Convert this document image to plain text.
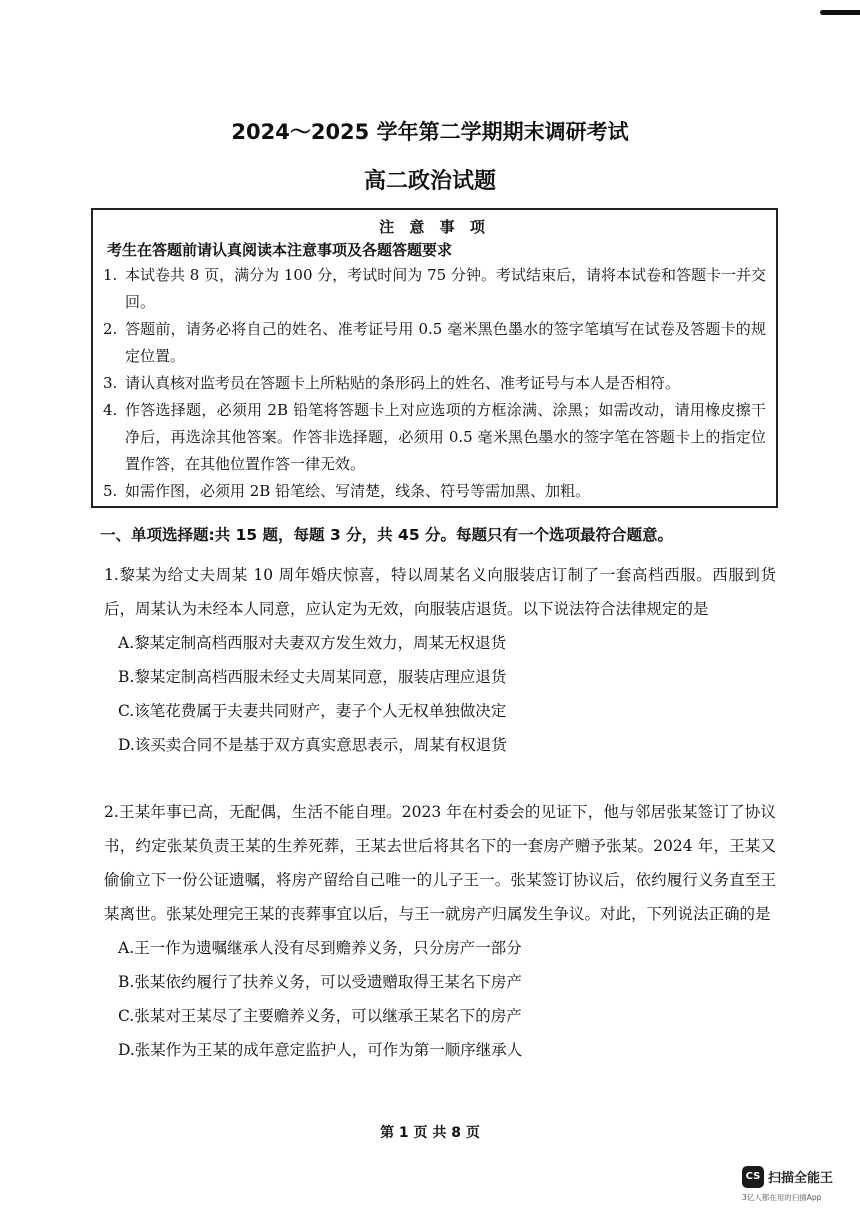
2024～2025 学年第二学期期末调研考试
高二政治试题
注 意 事 项
考生在答题前请认真阅读本注意事项及各题答题要求
1. 本试卷共 8 页，满分为 100 分，考试时间为 75 分钟。考试结束后，请将本试卷和答题卡一并交回。
2. 答题前，请务必将自己的姓名、准考证号用 0.5 毫米黑色墨水的签字笔填写在试卷及答题卡的规定位置。
3. 请认真核对监考员在答题卡上所粘贴的条形码上的姓名、准考证号与本人是否相符。
4. 作答选择题，必须用 2B 铅笔将答题卡上对应选项的方框涂满、涂黑；如需改动，请用橡皮擦干净后，再选涂其他答案。作答非选择题，必须用 0.5 毫米黑色墨水的签字笔在答题卡上的指定位置作答，在其他位置作答一律无效。
5. 如需作图，必须用 2B 铅笔绘、写清楚，线条、符号等需加黑、加粗。
一、单项选择题:共 15 题，每题 3 分，共 45 分。每题只有一个选项最符合题意。

1.黎某为给丈夫周某 10 周年婚庆惊喜，特以周某名义向服装店订制了一套高档西服。西服到货后，周某认为未经本人同意，应认定为无效，向服装店退货。以下说法符合法律规定的是

A.黎某定制高档西服对夫妻双方发生效力，周某无权退货
B.黎某定制高档西服未经丈夫周某同意，服装店理应退货
C.该笔花费属于夫妻共同财产，妻子个人无权单独做决定
D.该买卖合同不是基于双方真实意思表示，周某有权退货

2.王某年事已高，无配偶，生活不能自理。2023 年在村委会的见证下，他与邻居张某签订了协议书，约定张某负责王某的生养死葬，王某去世后将其名下的一套房产赠予张某。2024 年，王某又偷偷立下一份公证遗嘱，将房产留给自己唯一的儿子王一。张某签订协议后，依约履行义务直至王某离世。张某处理完王某的丧葬事宜以后，与王一就房产归属发生争议。对此，下列说法正确的是

A.王一作为遗嘱继承人没有尽到赡养义务，只分房产一部分
B.张某依约履行了扶养义务，可以受遗赠取得王某名下房产
C.张某对王某尽了主要赡养义务，可以继承王某名下的房产
D.张某作为王某的成年意定监护人，可作为第一顺序继承人
第 1 页 共 8 页
CS 扫描全能王
3亿人都在用的扫描App
